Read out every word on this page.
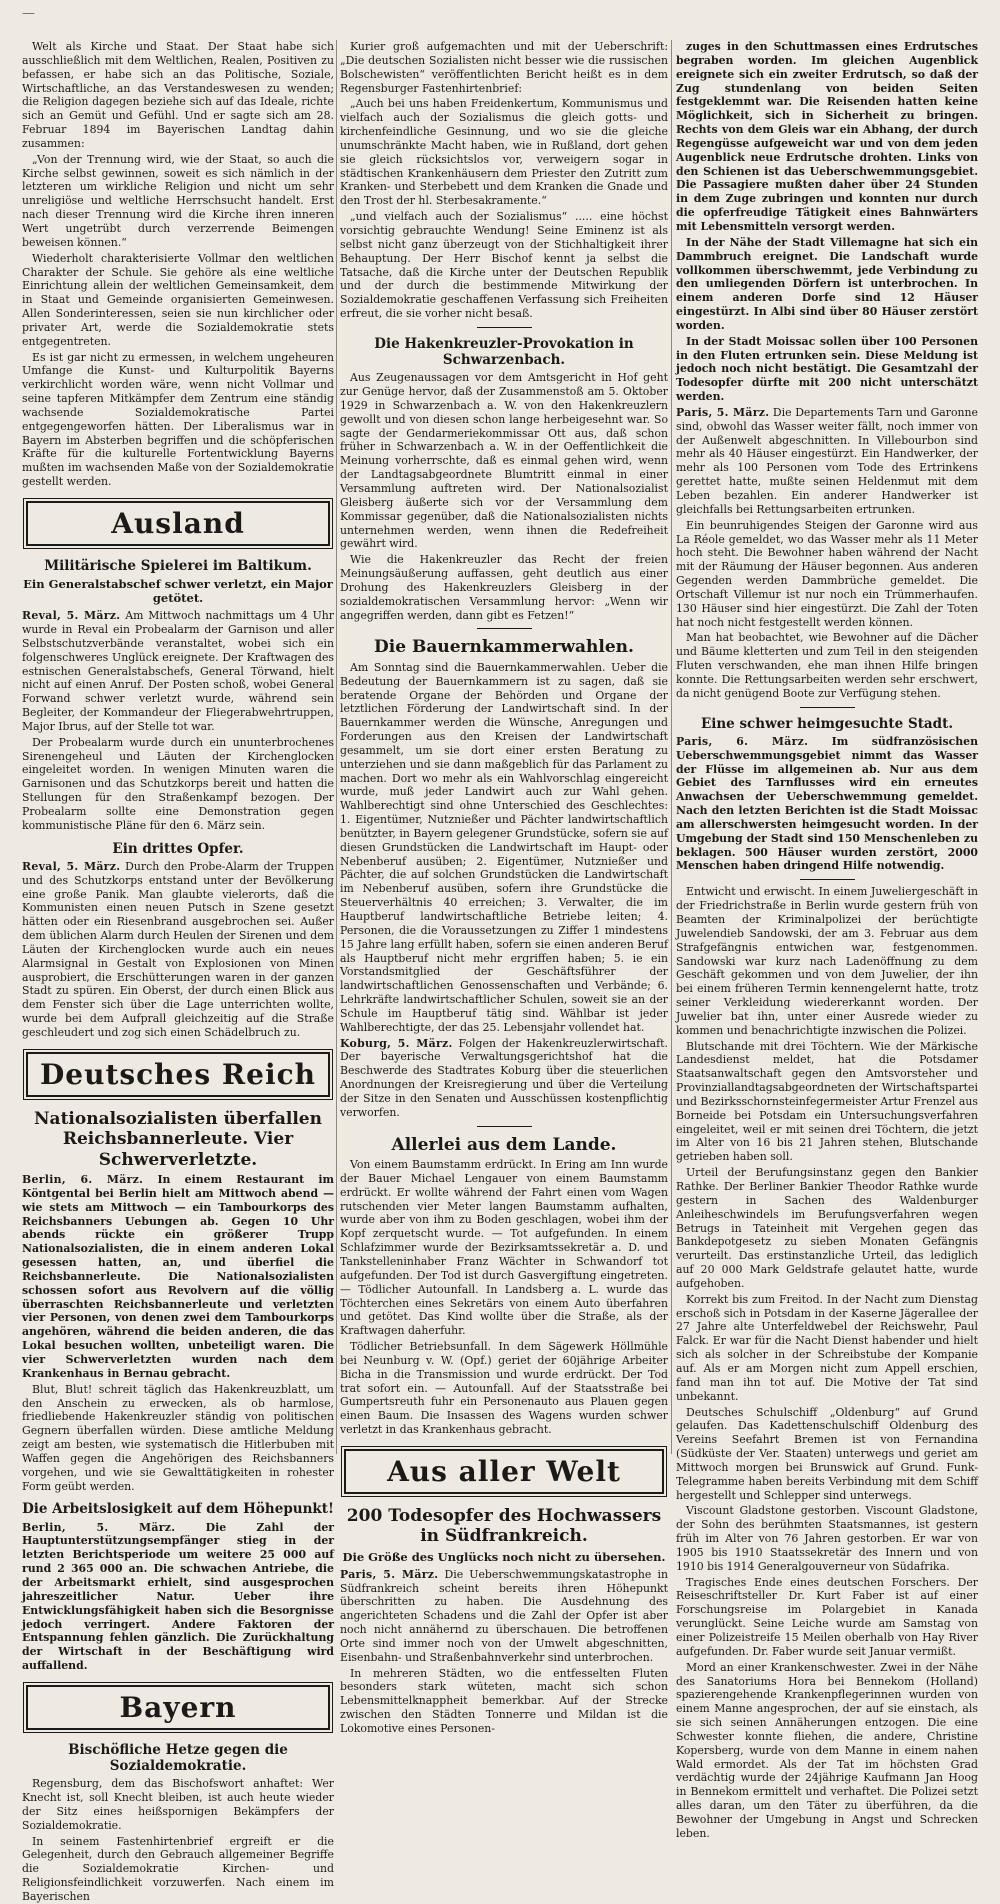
—

Welt als Kirche und Staat. Der Staat habe sich ausschließlich mit dem Weltlichen, Realen, Positiven zu befassen, er habe sich an das Politische, Soziale, Wirtschaftliche, an das Verstandeswesen zu wenden; die Religion dagegen beziehe sich auf das Ideale, richte sich an Gemüt und Gefühl. Und er sagte sich am 28. Februar 1894 im Bayerischen Landtag dahin zusammen:

„Von der Trennung wird, wie der Staat, so auch die Kirche selbst gewinnen, soweit es sich nämlich in der letzteren um wirkliche Religion und nicht um sehr unreligiöse und weltliche Herrschsucht handelt. Erst nach dieser Trennung wird die Kirche ihren inneren Wert ungetrübt durch verzerrende Beimengen beweisen können.“

Wiederholt charakterisierte Vollmar den weltlichen Charakter der Schule. Sie gehöre als eine weltliche Einrichtung allein der weltlichen Gemeinsamkeit, dem in Staat und Gemeinde organisierten Gemeinwesen. Allen Sonderinteressen, seien sie nun kirchlicher oder privater Art, werde die Sozialdemokratie stets entgegentreten.

Es ist gar nicht zu ermessen, in welchem ungeheuren Umfange die Kunst- und Kulturpolitik Bayerns verkirchlicht worden wäre, wenn nicht Vollmar und seine tapferen Mitkämpfer dem Zentrum eine ständig wachsende Sozialdemokratische Partei entgegengeworfen hätten. Der Liberalismus war in Bayern im Absterben begriffen und die schöpferischen Kräfte für die kulturelle Fortentwicklung Bayerns mußten im wachsenden Maße von der Sozialdemokratie gestellt werden.

Ausland
Militärische Spielerei im Baltikum.
Ein Generalstabschef schwer verletzt, ein Major getötet.

Reval, 5. März. Am Mittwoch nachmittags um 4 Uhr wurde in Reval ein Probealarm der Garnison und aller Selbstschutzverbände veranstaltet, wobei sich ein folgenschweres Unglück ereignete. Der Kraftwagen des estnischen Generalstabschefs, General Törwand, hielt nicht auf einen Anruf. Der Posten schoß, wobei General Forwand schwer verletzt wurde, während sein Begleiter, der Kommandeur der Fliegerabwehrtruppen, Major Ibrus, auf der Stelle tot war.

Der Probealarm wurde durch ein ununterbrochenes Sirenengeheul und Läuten der Kirchenglocken eingeleitet worden. In wenigen Minuten waren die Garnisonen und das Schutzkorps bereit und hatten die Stellungen für den Straßenkampf bezogen. Der Probealarm sollte eine Demonstration gegen kommunistische Pläne für den 6. März sein.

Ein drittes Opfer.

Reval, 5. März. Durch den Probe-Alarm der Truppen und des Schutzkorps entstand unter der Bevölkerung eine große Panik. Man glaubte vielerorts, daß die Kommunisten einen neuen Putsch in Szene gesetzt hätten oder ein Riesenbrand ausgebrochen sei. Außer dem üblichen Alarm durch Heulen der Sirenen und dem Läuten der Kirchenglocken wurde auch ein neues Alarmsignal in Gestalt von Explosionen von Minen ausprobiert, die Erschütterungen waren in der ganzen Stadt zu spüren. Ein Oberst, der durch einen Blick aus dem Fenster sich über die Lage unterrichten wollte, wurde bei dem Aufprall gleichzeitig auf die Straße geschleudert und zog sich einen Schädelbruch zu.

Deutsches Reich
Nationalsozialisten überfallen Reichsbannerleute. Vier Schwerverletzte.

Berlin, 6. März. In einem Restaurant im Köntgental bei Berlin hielt am Mittwoch abend — wie stets am Mittwoch — ein Tambourkorps des Reichsbanners Uebungen ab. Gegen 10 Uhr abends rückte ein größerer Trupp Nationalsozialisten, die in einem anderen Lokal gesessen hatten, an, und überfiel die Reichsbannerleute. Die Nationalsozialisten schossen sofort aus Revolvern auf die völlig überraschten Reichsbannerleute und verletzten vier Personen, von denen zwei dem Tambourkorps angehören, während die beiden anderen, die das Lokal besuchen wollten, unbeteiligt waren. Die vier Schwerverletzten wurden nach dem Krankenhaus in Bernau gebracht.

Blut, Blut! schreit täglich das Hakenkreuzblatt, um den Anschein zu erwecken, als ob harmlose, friedliebende Hakenkreuzler ständig von politischen Gegnern überfallen würden. Diese amtliche Meldung zeigt am besten, wie systematisch die Hitlerbuben mit Waffen gegen die Angehörigen des Reichsbanners vorgehen, und wie sie Gewalttätigkeiten in rohester Form geübt werden.

Die Arbeitslosigkeit auf dem Höhepunkt!

Berlin, 5. März. Die Zahl der Hauptunterstützungsempfänger stieg in der letzten Berichtsperiode um weitere 25 000 auf rund 2 365 000 an. Die schwachen Antriebe, die der Arbeitsmarkt erhielt, sind ausgesprochen jahreszeitlicher Natur. Ueber ihre Entwicklungsfähigkeit haben sich die Besorgnisse jedoch verringert. Andere Faktoren der Entspannung fehlen gänzlich. Die Zurückhaltung der Wirtschaft in der Beschäftigung wird auffallend.

Bayern
Bischöfliche Hetze gegen die Sozialdemokratie.

Regensburg, dem das Bischofswort anhaftet: Wer Knecht ist, soll Knecht bleiben, ist auch heute wieder der Sitz eines heißspornigen Bekämpfers der Sozialdemokratie.

In seinem Fastenhirtenbrief ergreift er die Gelegenheit, durch den Gebrauch allgemeiner Begriffe die Sozialdemokratie Kirchen- und Religionsfeindlichkeit vorzuwerfen. Nach einem im Bayerischen

Kurier groß aufgemachten und mit der Ueberschrift: „Die deutschen Sozialisten nicht besser wie die russischen Bolschewisten“ veröffentlichten Bericht heißt es in dem Regensburger Fastenhirtenbrief:

„Auch bei uns haben Freidenkertum, Kommunismus und vielfach auch der Sozialismus die gleich gotts- und kirchenfeindliche Gesinnung, und wo sie die gleiche unumschränkte Macht haben, wie in Rußland, dort gehen sie gleich rücksichtslos vor, verweigern sogar in städtischen Krankenhäusern dem Priester den Zutritt zum Kranken- und Sterbebett und dem Kranken die Gnade und den Trost der hl. Sterbesakramente.“

„und vielfach auch der Sozialismus“ ..... eine höchst vorsichtig gebrauchte Wendung! Seine Eminenz ist als selbst nicht ganz überzeugt von der Stichhaltigkeit ihrer Behauptung. Der Herr Bischof kennt ja selbst die Tatsache, daß die Kirche unter der Deutschen Republik und der durch die bestimmende Mitwirkung der Sozialdemokratie geschaffenen Verfassung sich Freiheiten erfreut, die sie vorher nicht besaß.

Die Hakenkreuzler-Provokation in Schwarzenbach.

Aus Zeugenaussagen vor dem Amtsgericht in Hof geht zur Genüge hervor, daß der Zusammenstoß am 5. Oktober 1929 in Schwarzenbach a. W. von den Hakenkreuzlern gewollt und von diesen schon lange herbeigesehnt war. So sagte der Gendarmeriekommissar Ott aus, daß schon früher in Schwarzenbach a. W. in der Oeffentlichkeit die Meinung vorherrschte, daß es einmal gehen wird, wenn der Landtagsabgeordnete Blumtritt einmal in einer Versammlung auftreten wird. Der Nationalsozialist Gleisberg äußerte sich vor der Versammlung dem Kommissar gegenüber, daß die Nationalsozialisten nichts unternehmen werden, wenn ihnen die Redefreiheit gewährt wird.

Wie die Hakenkreuzler das Recht der freien Meinungsäußerung auffassen, geht deutlich aus einer Drohung des Hakenkreuzlers Gleisberg in der sozialdemokratischen Versammlung hervor: „Wenn wir angegriffen werden, dann gibt es Fetzen!“

Die Bauernkammerwahlen.

Am Sonntag sind die Bauernkammerwahlen. Ueber die Bedeutung der Bauernkammern ist zu sagen, daß sie beratende Organe der Behörden und Organe der letztlichen Förderung der Landwirtschaft sind. In der Bauernkammer werden die Wünsche, Anregungen und Forderungen aus den Kreisen der Landwirtschaft gesammelt, um sie dort einer ersten Beratung zu unterziehen und sie dann maßgeblich für das Parlament zu machen. Dort wo mehr als ein Wahlvorschlag eingereicht wurde, muß jeder Landwirt auch zur Wahl gehen. Wahlberechtigt sind ohne Unterschied des Geschlechtes: 1. Eigentümer, Nutznießer und Pächter landwirtschaftlich benützter, in Bayern gelegener Grundstücke, sofern sie auf diesen Grundstücken die Landwirtschaft im Haupt- oder Nebenberuf ausüben; 2. Eigentümer, Nutznießer und Pächter, die auf solchen Grundstücken die Landwirtschaft im Nebenberuf ausüben, sofern ihre Grundstücke die Steuerverhältnis 40 erreichen; 3. Verwalter, die im Hauptberuf landwirtschaftliche Betriebe leiten; 4. Personen, die die Voraussetzungen zu Ziffer 1 mindestens 15 Jahre lang erfüllt haben, sofern sie einen anderen Beruf als Hauptberuf nicht mehr ergriffen haben; 5. ie ein Vorstandsmitglied der Geschäftsführer der landwirtschaftlichen Genossenschaften und Verbände; 6. Lehrkräfte landwirtschaftlicher Schulen, soweit sie an der Schule im Hauptberuf tätig sind. Wählbar ist jeder Wahlberechtigte, der das 25. Lebensjahr vollendet hat.

Koburg, 5. März. Folgen der Hakenkreuzlerwirtschaft. Der bayerische Verwaltungsgerichtshof hat die Beschwerde des Stadtrates Koburg über die steuerlichen Anordnungen der Kreisregierung und über die Verteilung der Sitze in den Senaten und Ausschüssen kostenpflichtig verworfen.

Allerlei aus dem Lande.

Von einem Baumstamm erdrückt. In Ering am Inn wurde der Bauer Michael Lengauer von einem Baumstamm erdrückt. Er wollte während der Fahrt einen vom Wagen rutschenden vier Meter langen Baumstamm aufhalten, wurde aber von ihm zu Boden geschlagen, wobei ihm der Kopf zerquetscht wurde. — Tot aufgefunden. In einem Schlafzimmer wurde der Bezirksamtssekretär a. D. und Tankstelleninhaber Franz Wächter in Schwandorf tot aufgefunden. Der Tod ist durch Gasvergiftung eingetreten. — Tödlicher Autounfall. In Landsberg a. L. wurde das Töchterchen eines Sekretärs von einem Auto überfahren und getötet. Das Kind wollte über die Straße, als der Kraftwagen daherfuhr.

Tödlicher Betriebsunfall. In dem Sägewerk Höllmühle bei Neunburg v. W. (Opf.) geriet der 60jährige Arbeiter Bicha in die Transmission und wurde erdrückt. Der Tod trat sofort ein. — Autounfall. Auf der Staatsstraße bei Gumpertsreuth fuhr ein Personenauto aus Plauen gegen einen Baum. Die Insassen des Wagens wurden schwer verletzt in das Krankenhaus gebracht.

Aus aller Welt
200 Todesopfer des Hochwassers in Südfrankreich.
Die Größe des Unglücks noch nicht zu übersehen.

Paris, 5. März. Die Ueberschwemmungskatastrophe in Südfrankreich scheint bereits ihren Höhepunkt überschritten zu haben. Die Ausdehnung des angerichteten Schadens und die Zahl der Opfer ist aber noch nicht annähernd zu überschauen. Die betroffenen Orte sind immer noch von der Umwelt abgeschnitten, Eisenbahn- und Straßenbahnverkehr sind unterbrochen.

In mehreren Städten, wo die entfesselten Fluten besonders stark wüteten, macht sich schon Lebensmittelknappheit bemerkbar. Auf der Strecke zwischen den Städten Tonnerre und Mildan ist die Lokomotive eines Personen-

zuges in den Schuttmassen eines Erdrutsches begraben worden. Im gleichen Augenblick ereignete sich ein zweiter Erdrutsch, so daß der Zug stundenlang von beiden Seiten festgeklemmt war. Die Reisenden hatten keine Möglichkeit, sich in Sicherheit zu bringen. Rechts von dem Gleis war ein Abhang, der durch Regengüsse aufgeweicht war und von dem jeden Augenblick neue Erdrutsche drohten. Links von den Schienen ist das Ueberschwemmungsgebiet. Die Passagiere mußten daher über 24 Stunden in dem Zuge zubringen und konnten nur durch die opferfreudige Tätigkeit eines Bahnwärters mit Lebensmitteln versorgt werden.

In der Nähe der Stadt Villemagne hat sich ein Dammbruch ereignet. Die Landschaft wurde vollkommen überschwemmt, jede Verbindung zu den umliegenden Dörfern ist unterbrochen. In einem anderen Dorfe sind 12 Häuser eingestürzt. In Albi sind über 80 Häuser zerstört worden.

In der Stadt Moissac sollen über 100 Personen in den Fluten ertrunken sein. Diese Meldung ist jedoch noch nicht bestätigt. Die Gesamtzahl der Todesopfer dürfte mit 200 nicht unterschätzt werden.

Paris, 5. März. Die Departements Tarn und Garonne sind, obwohl das Wasser weiter fällt, noch immer von der Außenwelt abgeschnitten. In Villebourbon sind mehr als 40 Häuser eingestürzt. Ein Handwerker, der mehr als 100 Personen vom Tode des Ertrinkens gerettet hatte, mußte seinen Heldenmut mit dem Leben bezahlen. Ein anderer Handwerker ist gleichfalls bei Rettungsarbeiten ertrunken.

Ein beunruhigendes Steigen der Garonne wird aus La Réole gemeldet, wo das Wasser mehr als 11 Meter hoch steht. Die Bewohner haben während der Nacht mit der Räumung der Häuser begonnen. Aus anderen Gegenden werden Dammbrüche gemeldet. Die Ortschaft Villemur ist nur noch ein Trümmerhaufen. 130 Häuser sind hier eingestürzt. Die Zahl der Toten hat noch nicht festgestellt werden können.

Man hat beobachtet, wie Bewohner auf die Dächer und Bäume kletterten und zum Teil in den steigenden Fluten verschwanden, ehe man ihnen Hilfe bringen konnte. Die Rettungsarbeiten werden sehr erschwert, da nicht genügend Boote zur Verfügung stehen.

Eine schwer heimgesuchte Stadt.

Paris, 6. März. Im südfranzösischen Ueberschwemmungsgebiet nimmt das Wasser der Flüsse im allgemeinen ab. Nur aus dem Gebiet des Tarnflusses wird ein erneutes Anwachsen der Ueberschwemmung gemeldet. Nach den letzten Berichten ist die Stadt Moissac am allerschwersten heimgesucht worden. In der Umgebung der Stadt sind 150 Menschenleben zu beklagen. 500 Häuser wurden zerstört, 2000 Menschen haben dringend Hilfe notwendig.

Entwicht und erwischt. In einem Juweliergeschäft in der Friedrichstraße in Berlin wurde gestern früh von Beamten der Kriminalpolizei der berüchtigte Juwelendieb Sandowski, der am 3. Februar aus dem Strafgefängnis entwichen war, festgenommen. Sandowski war kurz nach Ladenöffnung zu dem Geschäft gekommen und von dem Juwelier, der ihn bei einem früheren Termin kennengelernt hatte, trotz seiner Verkleidung wiedererkannt worden. Der Juwelier bat ihn, unter einer Ausrede wieder zu kommen und benachrichtigte inzwischen die Polizei.

Blutschande mit drei Töchtern. Wie der Märkische Landesdienst meldet, hat die Potsdamer Staatsanwaltschaft gegen den Amtsvorsteher und Provinziallandtagsabgeordneten der Wirtschaftspartei und Bezirksschornsteinfegermeister Artur Frenzel aus Borneide bei Potsdam ein Untersuchungsverfahren eingeleitet, weil er mit seinen drei Töchtern, die jetzt im Alter von 16 bis 21 Jahren stehen, Blutschande getrieben haben soll.

Urteil der Berufungsinstanz gegen den Bankier Rathke. Der Berliner Bankier Theodor Rathke wurde gestern in Sachen des Waldenburger Anleiheschwindels im Berufungsverfahren wegen Betrugs in Tateinheit mit Vergehen gegen das Bankdepotgesetz zu sieben Monaten Gefängnis verurteilt. Das erstinstanzliche Urteil, das lediglich auf 20 000 Mark Geldstrafe gelautet hatte, wurde aufgehoben.

Korrekt bis zum Freitod. In der Nacht zum Dienstag erschoß sich in Potsdam in der Kaserne Jägerallee der 27 Jahre alte Unterfeldwebel der Reichswehr, Paul Falck. Er war für die Nacht Dienst habender und hielt sich als solcher in der Schreibstube der Kompanie auf. Als er am Morgen nicht zum Appell erschien, fand man ihn tot auf. Die Motive der Tat sind unbekannt.

Deutsches Schulschiff „Oldenburg“ auf Grund gelaufen. Das Kadettenschulschiff Oldenburg des Vereins Seefahrt Bremen ist von Fernandina (Südküste der Ver. Staaten) unterwegs und geriet am Mittwoch morgen bei Brunswick auf Grund. Funk-Telegramme haben bereits Verbindung mit dem Schiff hergestellt und Schlepper sind unterwegs.

Viscount Gladstone gestorben. Viscount Gladstone, der Sohn des berühmten Staatsmannes, ist gestern früh im Alter von 76 Jahren gestorben. Er war von 1905 bis 1910 Staatssekretär des Innern und von 1910 bis 1914 Generalgouverneur von Südafrika.

Tragisches Ende eines deutschen Forschers. Der Reiseschriftsteller Dr. Kurt Faber ist auf einer Forschungsreise im Polargebiet in Kanada verunglückt. Seine Leiche wurde am Samstag von einer Polizeistreife 15 Meilen oberhalb von Hay River aufgefunden. Dr. Faber wurde seit Januar vermißt.

Mord an einer Krankenschwester. Zwei in der Nähe des Sanatoriums Hora bei Bennekom (Holland) spazierengehende Krankenpflegerinnen wurden von einem Manne angesprochen, der auf sie einstach, als sie sich seinen Annäherungen entzogen. Die eine Schwester konnte fliehen, die andere, Christine Kopersberg, wurde von dem Manne in einem nahen Wald ermordet. Als der Tat im höchsten Grad verdächtig wurde der 24jährige Kaufmann Jan Hoog in Bennekom ermittelt und verhaftet. Die Polizei setzt alles daran, um den Täter zu überführen, da die Bewohner der Umgebung in Angst und Schrecken leben.
